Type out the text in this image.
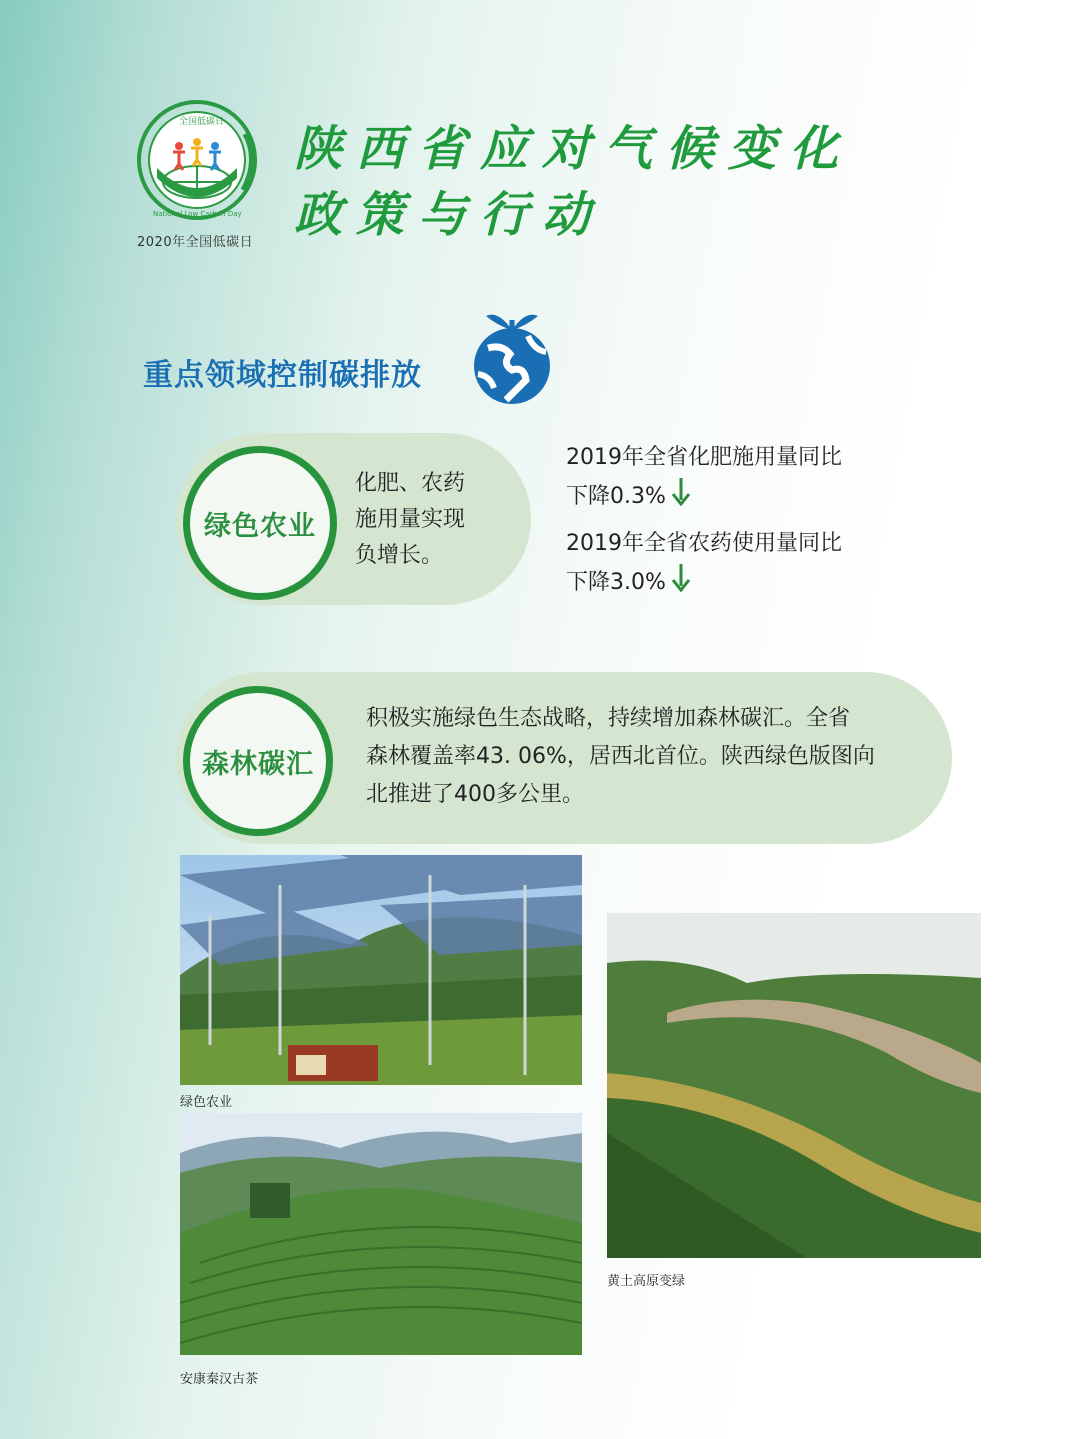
全国低碳日
National Low Carbon Day
2020年全国低碳日
陕西省应对气候变化
政策与行动
重点领域控制碳排放
绿色农业
化肥、农药
施用量实现
负增长。
2019年全省化肥施用量同比
下降0.3%
2019年全省农药使用量同比
下降3.0%
森林碳汇
积极实施绿色生态战略，持续增加森林碳汇。全省
森林覆盖率43. 06%，居西北首位。陕西绿色版图向
北推进了400多公里。
绿色农业
安康秦汉古茶
黄土高原变绿
